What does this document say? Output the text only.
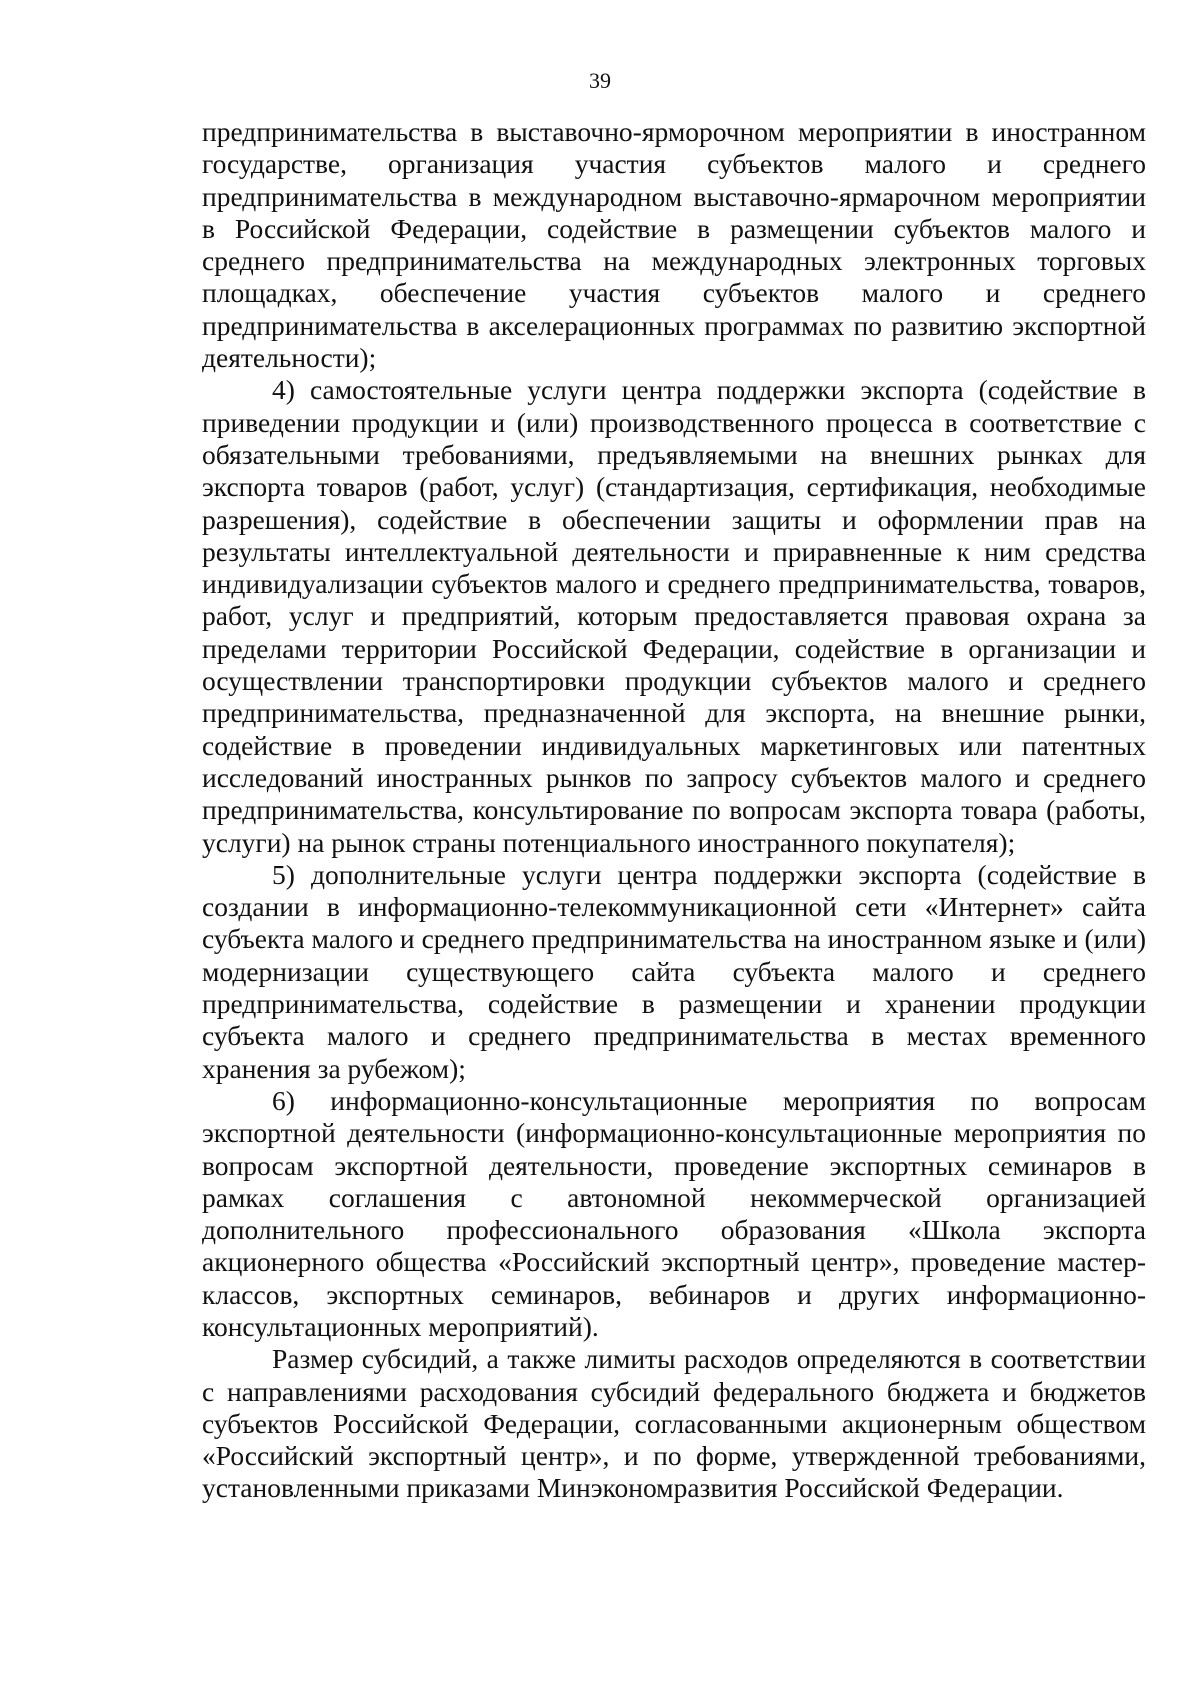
39

предпринимательства в выставочно-ярморочном мероприятии в иностранном государстве, организация участия субъектов малого и среднего предпринимательства в международном выставочно-ярмарочном мероприятии в Российской Федерации, содействие в размещении субъектов малого и среднего предпринимательства на международных электронных торговых площадках, обеспечение участия субъектов малого и среднего предпринимательства в акселерационных программах по развитию экспортной деятельности);

4) самостоятельные услуги центра поддержки экспорта (содействие в приведении продукции и (или) производственного процесса в соответствие с обязательными требованиями, предъявляемыми на внешних рынках для экспорта товаров (работ, услуг) (стандартизация, сертификация, необходимые разрешения), содействие в обеспечении защиты и оформлении прав на результаты интеллектуальной деятельности и приравненные к ним средства индивидуализации субъектов малого и среднего предпринимательства, товаров, работ, услуг и предприятий, которым предоставляется правовая охрана за пределами территории Российской Федерации, содействие в организации и осуществлении транспортировки продукции субъектов малого и среднего предпринимательства, предназначенной для экспорта, на внешние рынки, содействие в проведении индивидуальных маркетинговых или патентных исследований иностранных рынков по запросу субъектов малого и среднего предпринимательства, консультирование по вопросам экспорта товара (работы, услуги) на рынок страны потенциального иностранного покупателя);

5) дополнительные услуги центра поддержки экспорта (содействие в создании в информационно-телекоммуникационной сети «Интернет» сайта субъекта малого и среднего предпринимательства на иностранном языке и (или) модернизации существующего сайта субъекта малого и среднего предпринимательства, содействие в размещении и хранении продукции субъекта малого и среднего предпринимательства в местах временного хранения за рубежом);

6) информационно-консультационные мероприятия по вопросам экспортной деятельности (информационно-консультационные мероприятия по вопросам экспортной деятельности, проведение экспортных семинаров в рамках соглашения с автономной некоммерческой организацией дополнительного профессионального образования «Школа экспорта акционерного общества «Российский экспортный центр», проведение мастер-классов, экспортных семинаров, вебинаров и других информационно-консультационных мероприятий).

Размер субсидий, а также лимиты расходов определяются в соответствии с направлениями расходования субсидий федерального бюджета и бюджетов субъектов Российской Федерации, согласованными акционерным обществом «Российский экспортный центр», и по форме, утвержденной требованиями, установленными приказами Минэкономразвития Российской Федерации.
